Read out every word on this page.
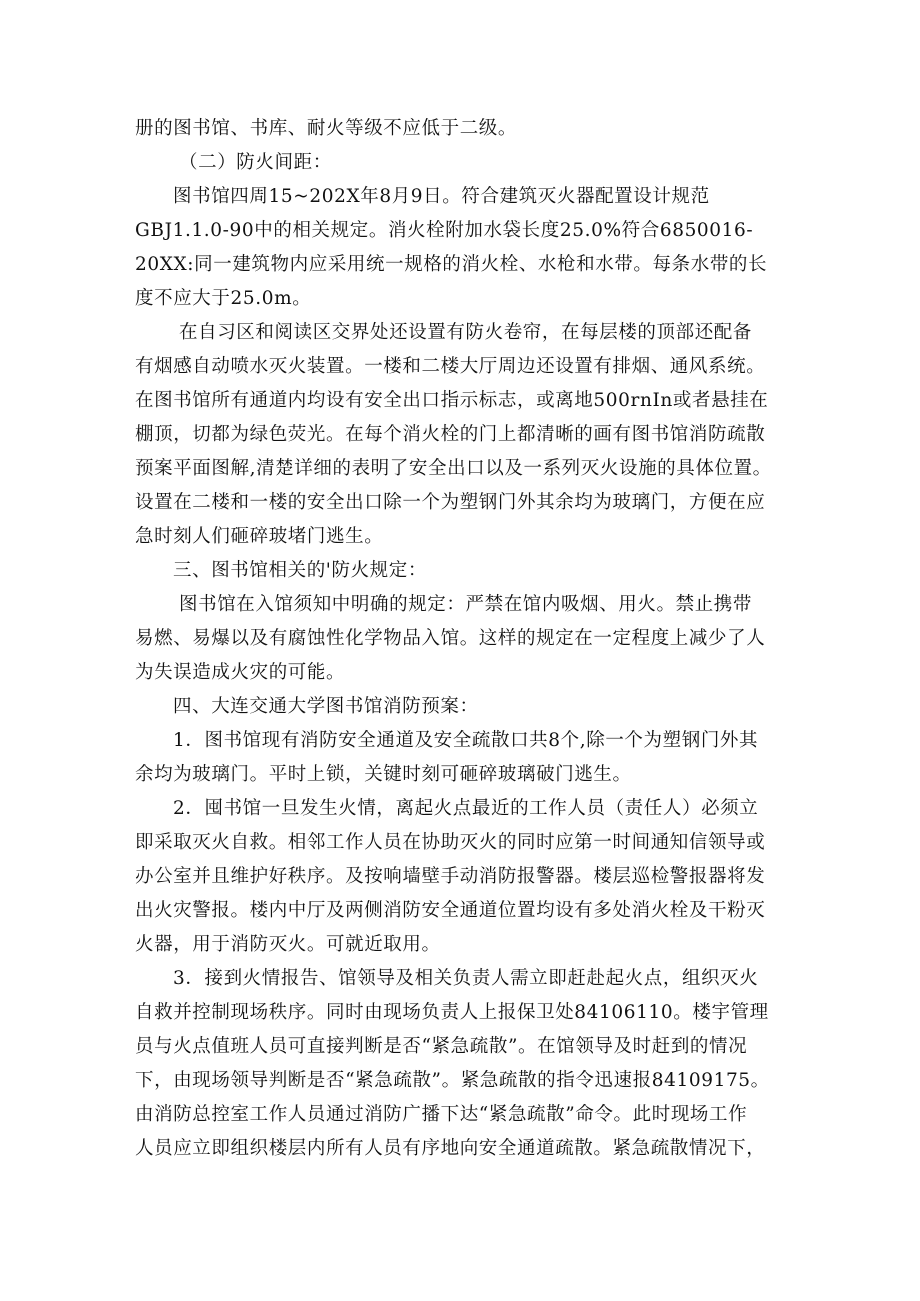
册的图书馆、书库、耐火等级不应低于二级。
（二）防火间距：
图书馆四周15~202X年8月9日。符合建筑灭火器配置设计规范
GBJ1.1.0-90中的相关规定。消火栓附加水袋长度25.0%符合6850016-
20XX:同一建筑物内应采用统一规格的消火栓、水枪和水带。每条水带的长
度不应大于25.0m。
在自习区和阅读区交界处还设置有防火卷帘，在每层楼的顶部还配备
有烟感自动喷水灭火装置。一楼和二楼大厅周边还设置有排烟、通风系统。
在图书馆所有通道内均设有安全出口指示标志，或离地500rnIn或者悬挂在
棚顶，切都为绿色荧光。在每个消火栓的门上都清晰的画有图书馆消防疏散
预案平面图解,清楚详细的表明了安全出口以及一系列灭火设施的具体位置。
设置在二楼和一楼的安全出口除一个为塑钢门外其余均为玻璃门，方便在应
急时刻人们砸碎玻堵门逃生。
三、图书馆相关的'防火规定：
图书馆在入馆须知中明确的规定：严禁在馆内吸烟、用火。禁止携带
易燃、易爆以及有腐蚀性化学物品入馆。这样的规定在一定程度上减少了人
为失误造成火灾的可能。
四、大连交通大学图书馆消防预案：
1．图书馆现有消防安全通道及安全疏散口共8个,除一个为塑钢门外其
余均为玻璃门。平时上锁，关键时刻可砸碎玻璃破门逃生。
2．囤书馆一旦发生火情，离起火点最近的工作人员（责任人）必须立
即采取灭火自救。相邻工作人员在协助灭火的同时应第一时间通知信领导或
办公室并且维护好秩序。及按响墙壁手动消防报警器。楼层巡检警报器将发
出火灾警报。楼内中厅及两侧消防安全通道位置均设有多处消火栓及干粉灭
火器，用于消防灭火。可就近取用。
3．接到火情报告、馆领导及相关负责人需立即赶赴起火点，组织灭火
自救并控制现场秩序。同时由现场负责人上报保卫处84106110。楼宇管理
员与火点值班人员可直接判断是否“紧急疏散”。在馆领导及时赶到的情况
下，由现场领导判断是否“紧急疏散”。紧急疏散的指令迅速报84109175。
由消防总控室工作人员通过消防广播下达“紧急疏散”命令。此时现场工作
人员应立即组织楼层内所有人员有序地向安全通道疏散。紧急疏散情况下，
